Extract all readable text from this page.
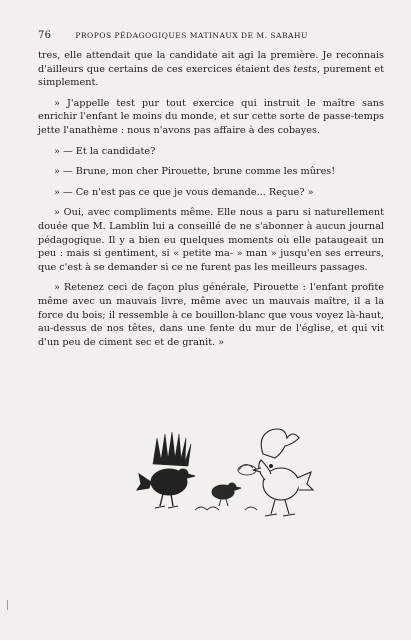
76	PROPOS PÉDAGOGIQUES MATINAUX DE M. SABAHU

tres, elle attendait que la candidate ait agi la première. Je reconnais d'ailleurs que certains de ces exercices étaient des tests, purement et simplement.

» J'appelle test pur tout exercice qui instruit le maître sans enrichir l'enfant le moins du monde, et sur cette sorte de passe-temps jette l'anathème : nous n'avons pas affaire à des cobayes.

» — Et la candidate?

» — Brune, mon cher Pirouette, brune comme les mûres!

» — Ce n'est pas ce que je vous demande... Reçue? »

» Oui, avec compliments même. Elle nous a paru si naturellement douée que M. Lamblin lui a conseillé de ne s'abonner à aucun journal pédagogique. Il y a bien eu quelques moments où elle pataugeait un peu : mais si gentiment, si « petite ma- » man » jusqu'en ses erreurs, que c'est à se demander si ce ne furent pas les meilleurs passages.

» Retenez ceci de façon plus générale, Pirouette : l'enfant profite même avec un mauvais livre, même avec un mauvais maître, il a la force du bois; il ressemble à ce bouillon-blanc que vous voyez là-haut, au-dessus de nos têtes, dans une fente du mur de l'église, et qui vit d'un peu de ciment sec et de granit. »
